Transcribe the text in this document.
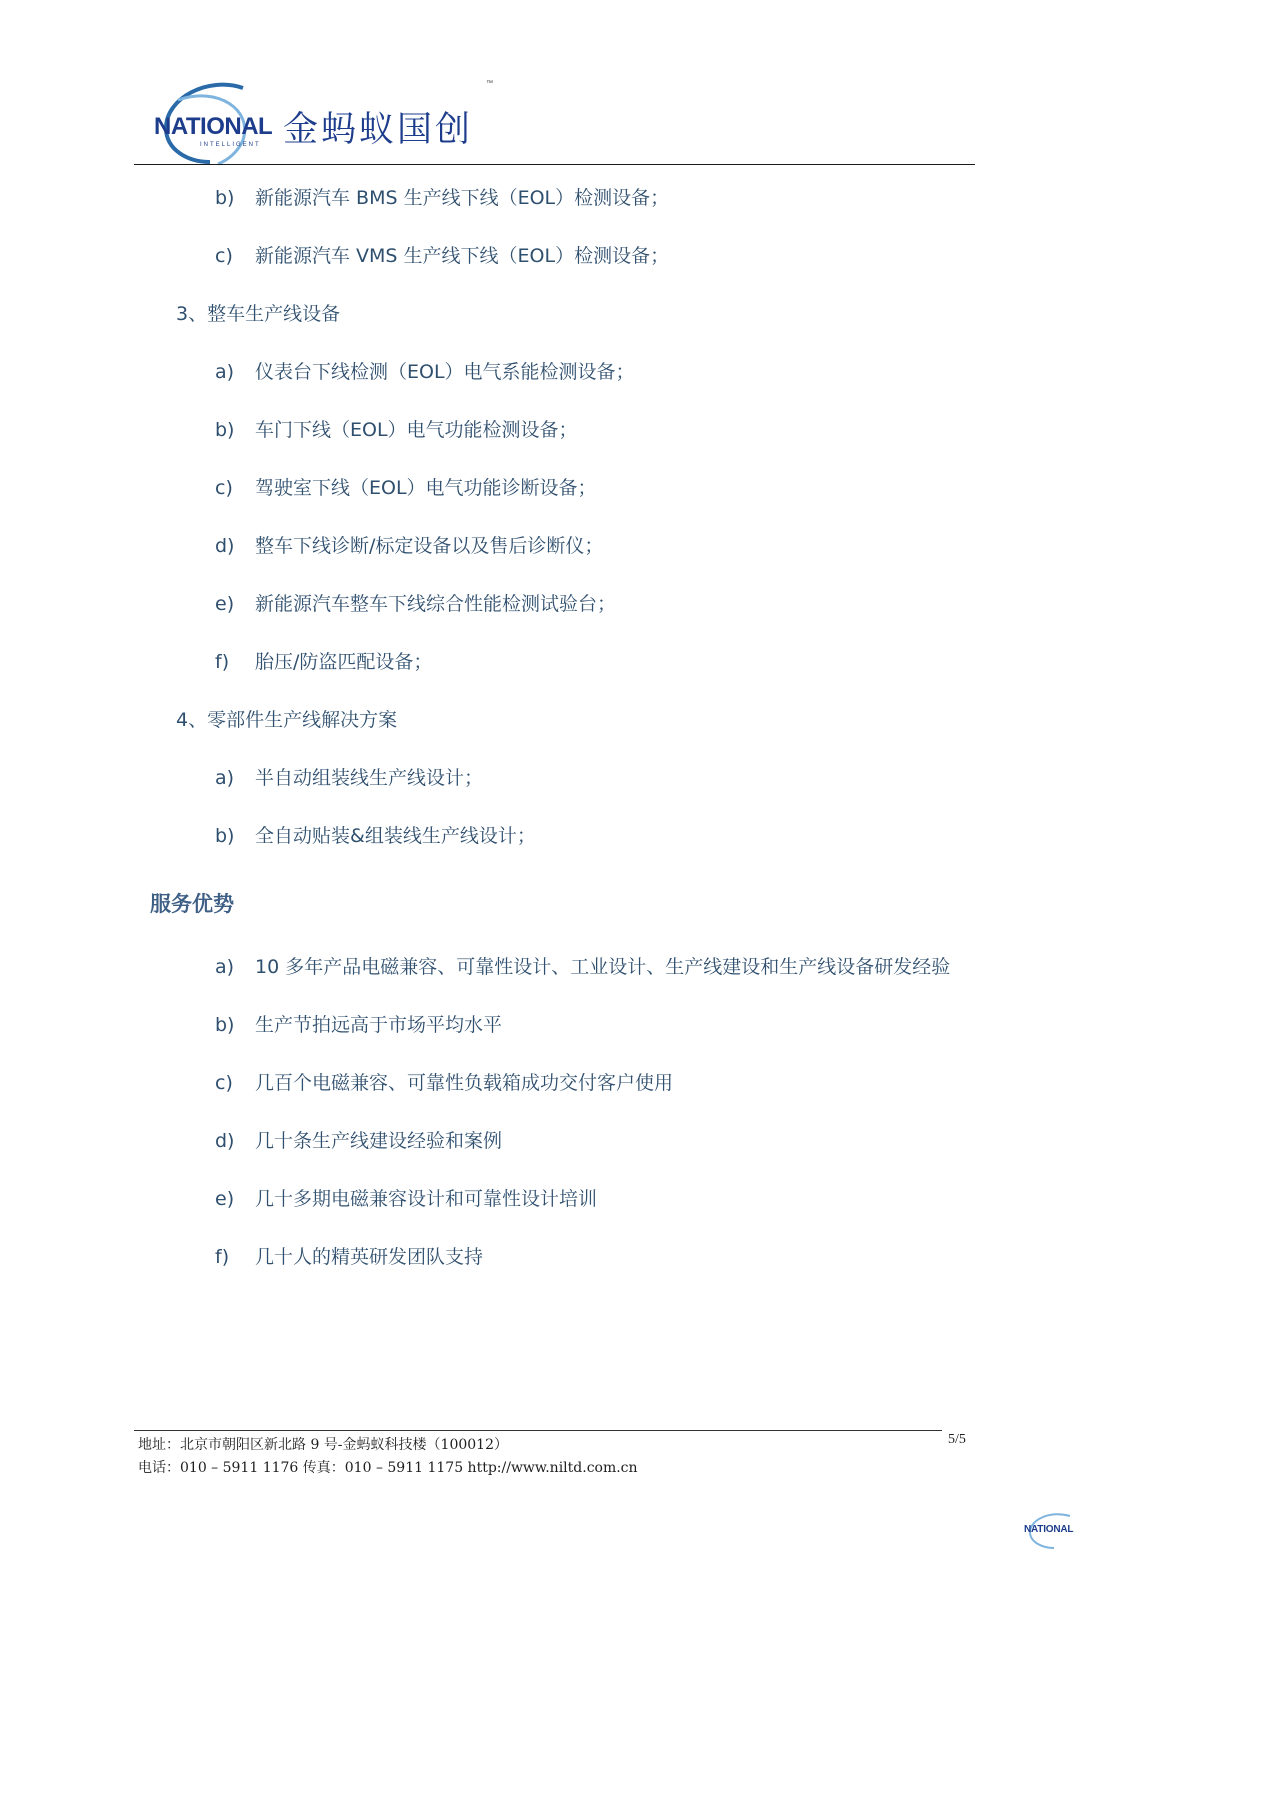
NATIONAL
INTELLIGENT 金蚂蚁国创
™
b) 新能源汽车 BMS 生产线下线（EOL）检测设备；
c) 新能源汽车 VMS 生产线下线（EOL）检测设备；
3、整车生产线设备
a) 仪表台下线检测（EOL）电气系能检测设备；
b) 车门下线（EOL）电气功能检测设备；
c) 驾驶室下线（EOL）电气功能诊断设备；
d) 整车下线诊断/标定设备以及售后诊断仪；
e) 新能源汽车整车下线综合性能检测试验台；
f) 胎压/防盗匹配设备；
4、零部件生产线解决方案
a) 半自动组装线生产线设计；
b) 全自动贴装&组装线生产线设计；
服务优势
a) 10 多年产品电磁兼容、可靠性设计、工业设计、生产线建设和生产线设备研发经验
b) 生产节拍远高于市场平均水平
c) 几百个电磁兼容、可靠性负载箱成功交付客户使用
d) 几十条生产线建设经验和案例
e) 几十多期电磁兼容设计和可靠性设计培训
f) 几十人的精英研发团队支持
地址：北京市朝阳区新北路 9 号-金蚂蚁科技楼（100012）
电话：010 – 5911 1176 传真：010 – 5911 1175 http://www.niltd.com.cn
5/5
NATIONAL
